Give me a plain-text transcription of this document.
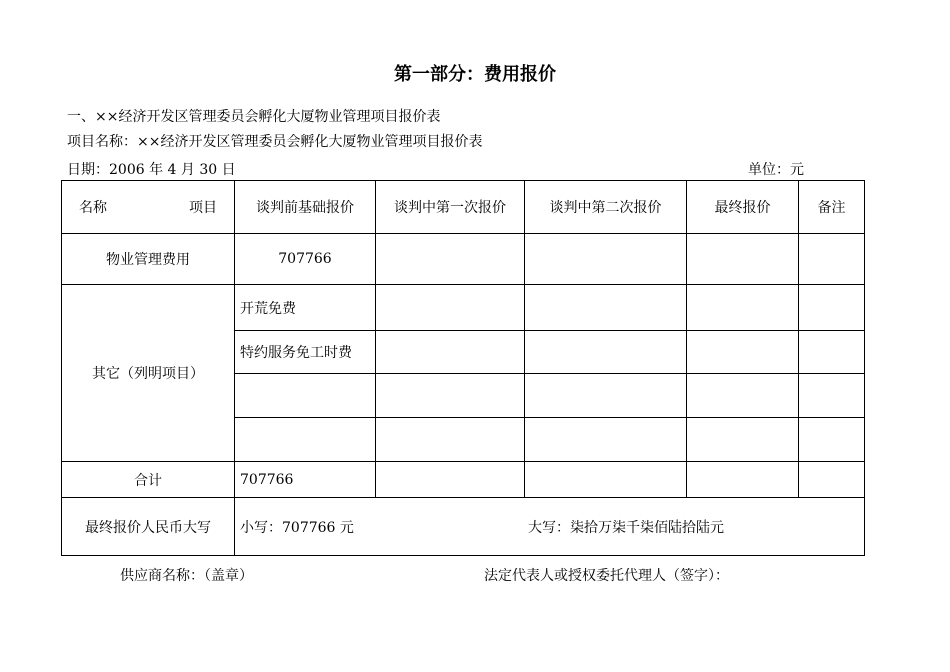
第一部分：费用报价
一、××经济开发区管理委员会孵化大厦物业管理项目报价表
项目名称：××经济开发区管理委员会孵化大厦物业管理项目报价表
日期：2006 年 4 月 30 日	单位：元
名称 项目	谈判前基础报价	谈判中第一次报价	谈判中第二次报价	最终报价	备注
物业管理费用	707766				
其它（列明项目）	开荒免费				
	特约服务免工时费				

合计	707766				
最终报价人民币大写	小写：707766 元 大写：柒拾万柒千柒佰陆拾陆元				
供应商名称：（盖章）	法定代表人或授权委托代理人（签字）：
